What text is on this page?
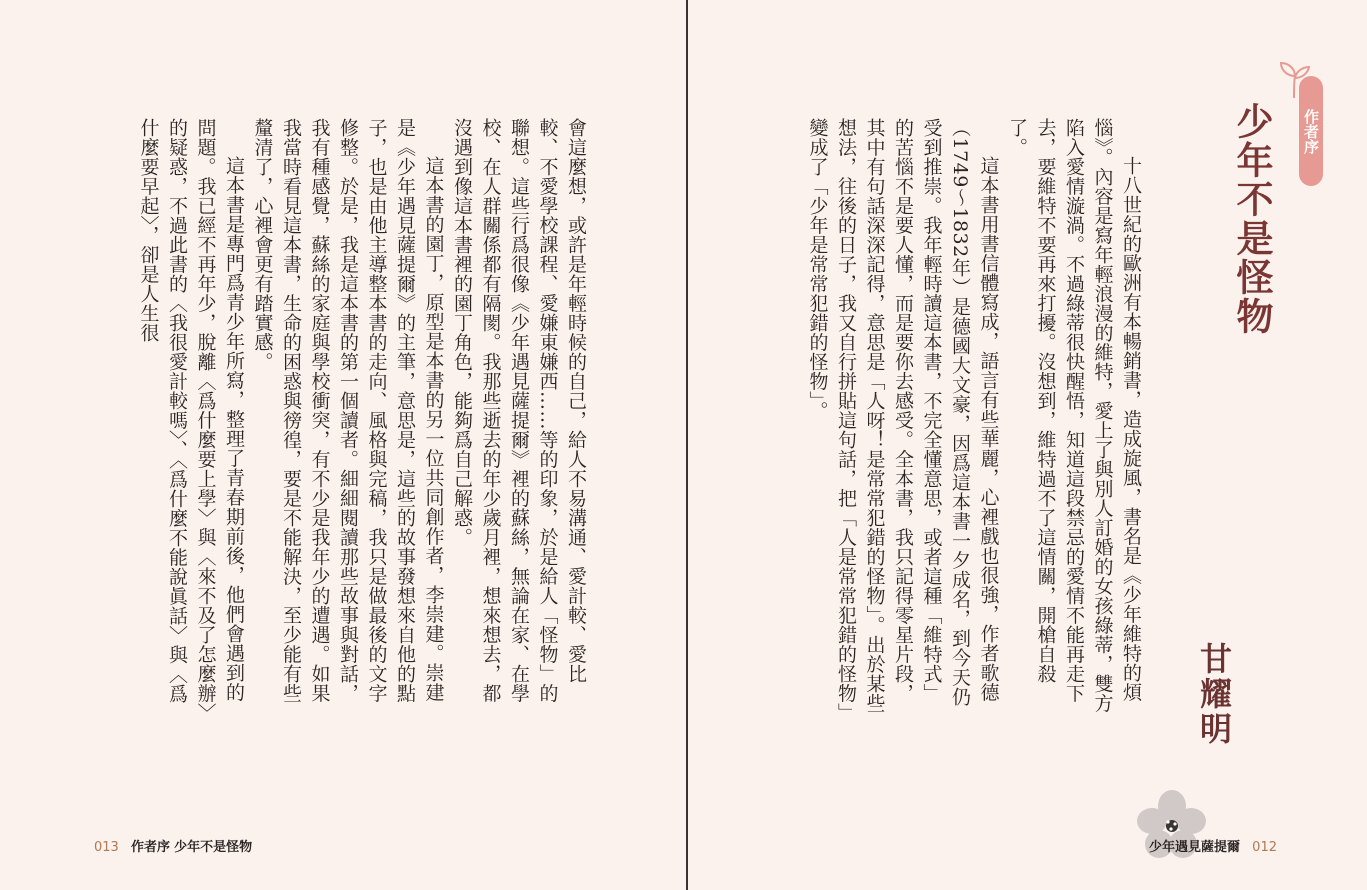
會這麼想，或許是年輕時候的自己，給人不易溝通、愛計較、愛比較、不愛學校課程、愛嫌東嫌西……等的印象，於是給人「怪物」的聯想。這些行爲很像《少年遇見薩提爾》裡的蘇絲，無論在家、在學校、在人群關係都有隔閡。我那些逝去的年少歲月裡，想來想去，都沒遇到像這本書裡的園丁角色，能夠爲自己解惑。

這本書的園丁，原型是本書的另一位共同創作者，李崇建。崇建是《少年遇見薩提爾》的主筆，意思是，這些的故事發想來自他的點子，也是由他主導整本書的走向、風格與完稿，我只是做最後的文字修整。於是，我是這本書的第一個讀者。細細閱讀那些故事與對話，我有種感覺，蘇絲的家庭與學校衝突，有不少是我年少的遭遇。如果我當時看見這本書，生命的困惑與徬徨，要是不能解決，至少能有些釐清了，心裡會更有踏實感。

這本書是專門爲青少年所寫，整理了青春期前後，他們會遇到的問題。我已經不再年少，脫離〈爲什麼要上學〉與〈來不及了怎麼辦〉的疑惑，不過此書的〈我很愛計較嗎〉、〈爲什麼不能說眞話〉與〈爲什麼要早起〉，卻是人生很

013 作者序 少年不是怪物
作者序
少年不是怪物

十八世紀的歐洲有本暢銷書，造成旋風，書名是《少年維特的煩惱》。內容是寫年輕浪漫的維特，愛上了與別人訂婚的女孩綠蒂，雙方陷入愛情漩渦。不過綠蒂很快醒悟，知道這段禁忌的愛情不能再走下去，要維特不要再來打擾。沒想到，維特過不了這情關，開槍自殺了。

這本書用書信體寫成，語言有些華麗，心裡戲也很強，作者歌德（1749～1832年）是德國大文豪，因爲這本書一夕成名，到今天仍受到推崇。我年輕時讀這本書，不完全懂意思，或者這種「維特式」的苦惱不是要人懂，而是要你去感受。全本書，我只記得零星片段，其中有句話深深記得，意思是「人呀！是常常犯錯的怪物」。出於某些想法，往後的日子，我又自行拼貼這句話，把「人是常常犯錯的怪物」變成了「少年是常常犯錯的怪物」。

甘耀明
少年遇見薩提爾 012
